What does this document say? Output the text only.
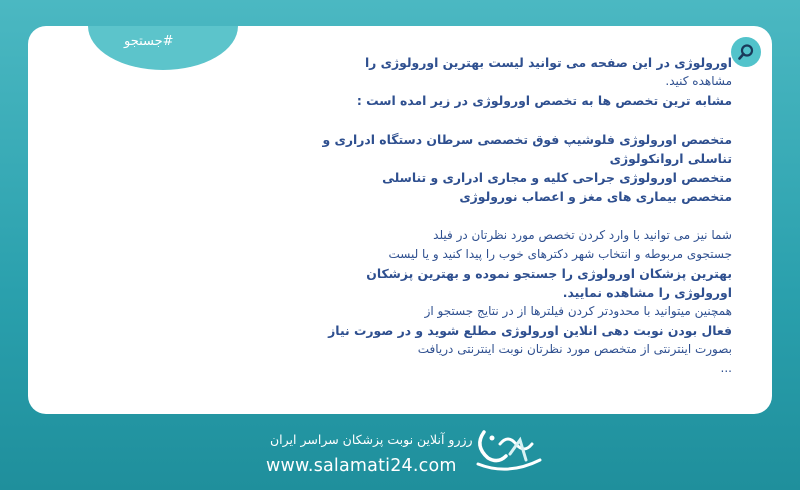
#جستجو
اورولوژی در این صفحه می توانید لیست بهترین اورولوژی را
مشاهده کنید.
مشابه ترین تخصص ها به تخصص اورولوژی در زیر امده است :
متخصص اورولوژی فلوشیپ فوق تخصصی سرطان دستگاه ادراری و
تناسلی اروانکولوژی
متخصص اورولوژی جراحی کلیه و مجاری ادراری و تناسلی
متخصص بیماری های مغز و اعصاب نورولوژی
شما نیز می توانید با وارد کردن تخصص مورد نظرتان در فیلد
جستجوی مربوطه و انتخاب شهر دکترهای خوب را پیدا کنید و یا لیست
بهترین پزشکان اورولوژی را جستجو نموده و بهترین پزشکان
اورولوژی را مشاهده نمایید.
همچنین میتوانید با محدودتر کردن فیلترها از در نتایج جستجو از
فعال بودن نوبت دهی انلاین اورولوژی مطلع شوید و در صورت نیاز
بصورت اینترنتی از متخصص مورد نظرتان نوبت اینترنتی دریافت
...
رزرو آنلاین نوبت پزشکان سراسر ایران
www.salamati24.com
